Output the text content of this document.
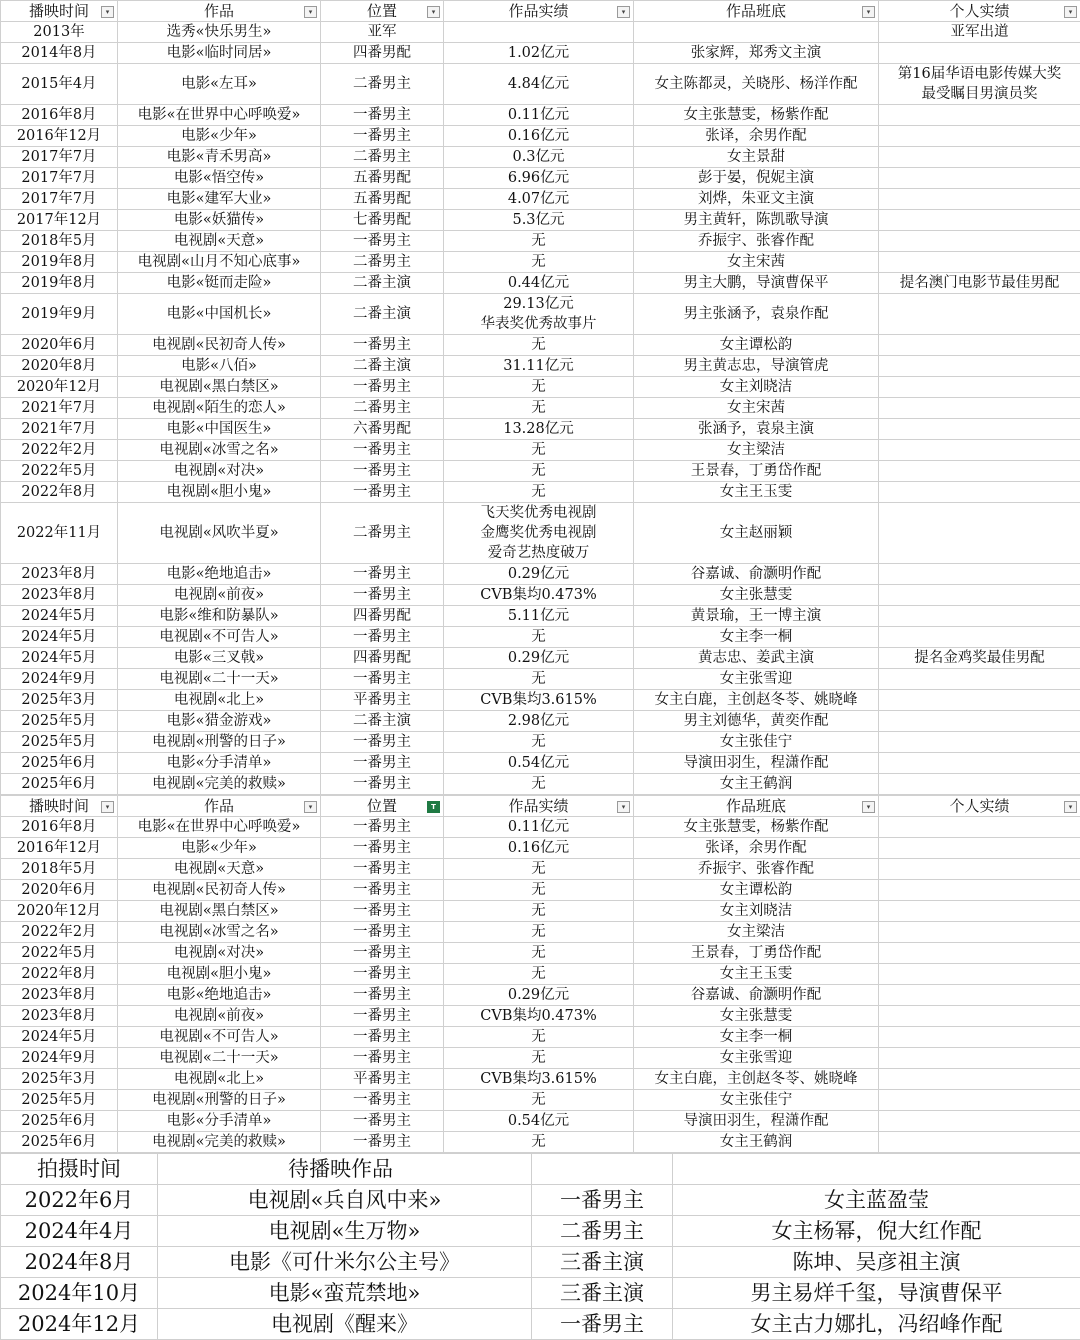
播映时间 ▾	作品 ▾	位置 ▾	作品实绩 ▾	作品班底 ▾	个人实绩 ▾

2013年	选秀«快乐男生»	亚军			亚军出道
2014年8月	电影«临时同居»	四番男配	1.02亿元	张家辉，郑秀文主演	
2015年4月	电影«左耳»	二番男主	4.84亿元	女主陈都灵，关晓彤、杨洋作配	第16届华语电影传媒大奖
最受瞩目男演员奖
2016年8月	电影«在世界中心呼唤爱»	一番男主	0.11亿元	女主张慧雯，杨紫作配	
2016年12月	电影«少年»	一番男主	0.16亿元	张译，余男作配	
2017年7月	电影«青禾男高»	二番男主	0.3亿元	女主景甜	
2017年7月	电影«悟空传»	五番男配	6.96亿元	彭于晏，倪妮主演	
2017年7月	电影«建军大业»	五番男配	4.07亿元	刘烨，朱亚文主演	
2017年12月	电影«妖猫传»	七番男配	5.3亿元	男主黄轩，陈凯歌导演	
2018年5月	电视剧«天意»	一番男主	无	乔振宇、张睿作配	
2019年8月	电视剧«山月不知心底事»	二番男主	无	女主宋茜	
2019年8月	电影«铤而走险»	二番主演	0.44亿元	男主大鹏，导演曹保平	提名澳门电影节最佳男配
2019年9月	电影«中国机长»	二番主演	29.13亿元
华表奖优秀故事片	男主张涵予，袁泉作配	
2020年6月	电视剧«民初奇人传»	一番男主	无	女主谭松韵	
2020年8月	电影«八佰»	二番主演	31.11亿元	男主黄志忠，导演管虎	
2020年12月	电视剧«黑白禁区»	一番男主	无	女主刘晓洁	
2021年7月	电视剧«陌生的恋人»	二番男主	无	女主宋茜	
2021年7月	电影«中国医生»	六番男配	13.28亿元	张涵予，袁泉主演	
2022年2月	电视剧«冰雪之名»	一番男主	无	女主梁洁	
2022年5月	电视剧«对决»	一番男主	无	王景春，丁勇岱作配	
2022年8月	电视剧«胆小鬼»	一番男主	无	女主王玉雯	
2022年11月	电视剧«风吹半夏»	二番男主	飞天奖优秀电视剧
金鹰奖优秀电视剧
爱奇艺热度破万	女主赵丽颖	
2023年8月	电影«绝地追击»	一番男主	0.29亿元	谷嘉诚、俞灏明作配	
2023年8月	电视剧«前夜»	一番男主	CVB集均0.473%	女主张慧雯	
2024年5月	电影«维和防暴队»	四番男配	5.11亿元	黄景瑜，王一博主演	
2024年5月	电视剧«不可告人»	一番男主	无	女主李一桐	
2024年5月	电影«三叉戟»	四番男配	0.29亿元	黄志忠、姜武主演	提名金鸡奖最佳男配
2024年9月	电视剧«二十一天»	一番男主	无	女主张雪迎	
2025年3月	电视剧«北上»	平番男主	CVB集均3.615%	女主白鹿，主创赵冬苓、姚晓峰	
2025年5月	电影«猎金游戏»	二番主演	2.98亿元	男主刘德华，黄奕作配	
2025年5月	电视剧«刑警的日子»	一番男主	无	女主张佳宁	
2025年6月	电影«分手清单»	一番男主	0.54亿元	导演田羽生，程潇作配	
2025年6月	电视剧«完美的救赎»	一番男主	无	女主王鹤润	
播映时间 ▾	作品 ▾	位置 T	作品实绩 ▾	作品班底 ▾	个人实绩 ▾

2016年8月	电影«在世界中心呼唤爱»	一番男主	0.11亿元	女主张慧雯，杨紫作配	
2016年12月	电影«少年»	一番男主	0.16亿元	张译，余男作配	
2018年5月	电视剧«天意»	一番男主	无	乔振宇、张睿作配	
2020年6月	电视剧«民初奇人传»	一番男主	无	女主谭松韵	
2020年12月	电视剧«黑白禁区»	一番男主	无	女主刘晓洁	
2022年2月	电视剧«冰雪之名»	一番男主	无	女主梁洁	
2022年5月	电视剧«对决»	一番男主	无	王景春，丁勇岱作配	
2022年8月	电视剧«胆小鬼»	一番男主	无	女主王玉雯	
2023年8月	电影«绝地追击»	一番男主	0.29亿元	谷嘉诚、俞灏明作配	
2023年8月	电视剧«前夜»	一番男主	CVB集均0.473%	女主张慧雯	
2024年5月	电视剧«不可告人»	一番男主	无	女主李一桐	
2024年9月	电视剧«二十一天»	一番男主	无	女主张雪迎	
2025年3月	电视剧«北上»	平番男主	CVB集均3.615%	女主白鹿，主创赵冬苓、姚晓峰	
2025年5月	电视剧«刑警的日子»	一番男主	无	女主张佳宁	
2025年6月	电影«分手清单»	一番男主	0.54亿元	导演田羽生，程潇作配	
2025年6月	电视剧«完美的救赎»	一番男主	无	女主王鹤润	
拍摄时间	待播映作品		
2022年6月	电视剧«兵自风中来»	一番男主	女主蓝盈莹
2024年4月	电视剧«生万物»	二番男主	女主杨幂，倪大红作配
2024年8月	电影《可什米尔公主号》	三番主演	陈坤、吴彦祖主演
2024年10月	电影«蛮荒禁地»	三番主演	男主易烊千玺，导演曹保平
2024年12月	电视剧《醒来》	一番男主	女主古力娜扎，冯绍峰作配
